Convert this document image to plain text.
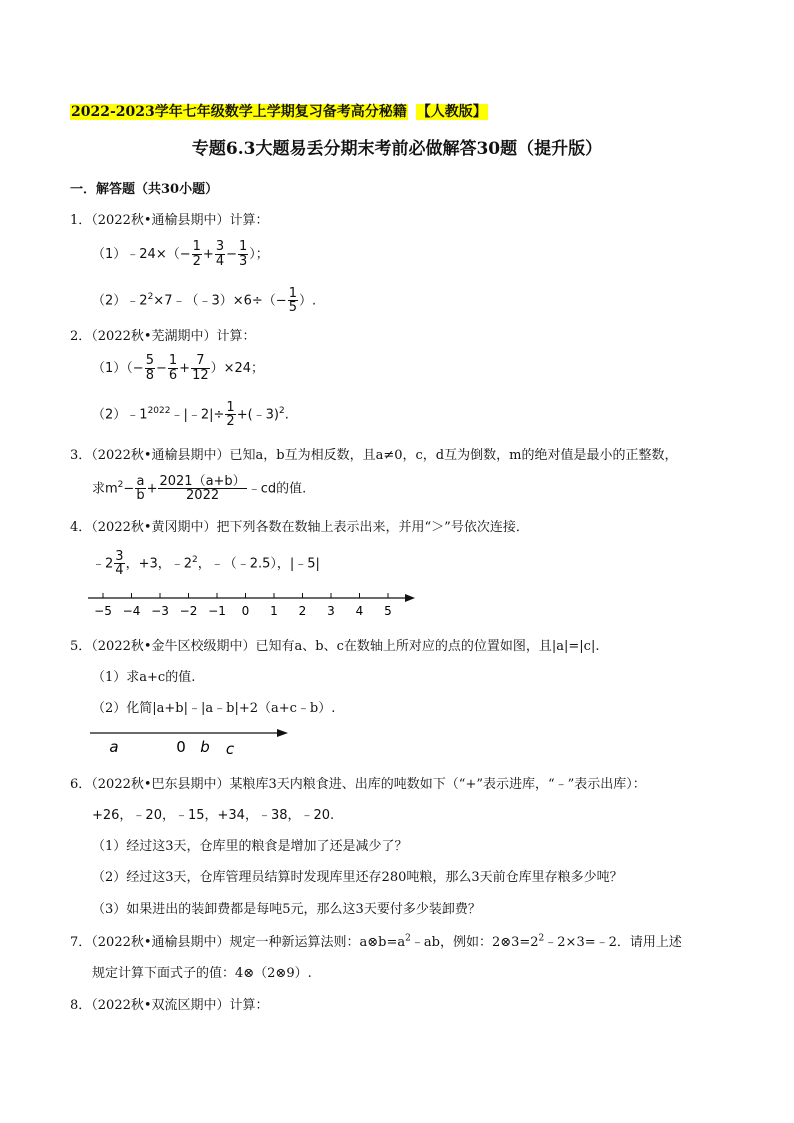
2022-2023学年七年级数学上学期复习备考高分秘籍 【人教版】
专题6.3大题易丢分期末考前必做解答30题（提升版）
一．解答题（共30小题）
1．（2022秋•通榆县期中）计算：
（1）﹣24×（− $\frac{1}{2} + \frac{3}{4} - \frac{1}{3}$ ）；
$(2)﹣2^2\times 7﹣(﹣3)\times 6\div(- \frac{1}{5}$ ）.
2．（2022秋•芜湖期中）计算：
$(1)(- \frac{5}{8} - \frac{1}{6} + \frac{7}{12} )\times 24$；
$(2)﹣1^{2022}﹣|﹣2|\div \frac{1}{2}$ +(﹣3)$^2$.
3．（2022秋•通榆县期中）已知a，b互为相反数，且a≠0，c，d互为倒数，m的绝对值是最小的正整数，
求$m^2- \frac{a}{b} + \frac{2021(a+b)}{2022}$ ﹣cd的值.
4．（2022秋•黄冈期中）把下列各数在数轴上表示出来，并用“＞”号依次连接．
﹣2 $\frac{3}{4}$ ，+3，$﹣2^2$，﹣（﹣2.5），|﹣5|
−5 −4 −3 −2 −1 0 1 2 3 4 5
5．（2022秋•金牛区校级期中）已知有a、b、c在数轴上所对应的点的位置如图，且|a|=|c|.
（1）求a+c的值.
（2）化简|a+b|﹣|a﹣b|+2（a+c﹣b）.
a	0 b c
6．（2022秋•巴东县期中）某粮库3天内粮食进、出库的吨数如下（“+”表示进库，“﹣”表示出库）：
+26，﹣20，﹣15，+34，﹣38，﹣20.
（1）经过这3天，仓库里的粮食是增加了还是减少了？
（2）经过这3天，仓库管理员结算时发现库里还存280吨粮，那么3天前仓库里存粮多少吨？
（3）如果进出的装卸费都是每吨5元，那么这3天要付多少装卸费？
7．（2022秋•通榆县期中）规定一种新运算法则：$a\otimes b=a^2﹣ab$，例如：$2\otimes 3=2^2﹣2\times 3=﹣2$．请用上述
规定计算下面式子的值：4⊗（2⊗9）.
8．（2022秋•双流区期中）计算：
